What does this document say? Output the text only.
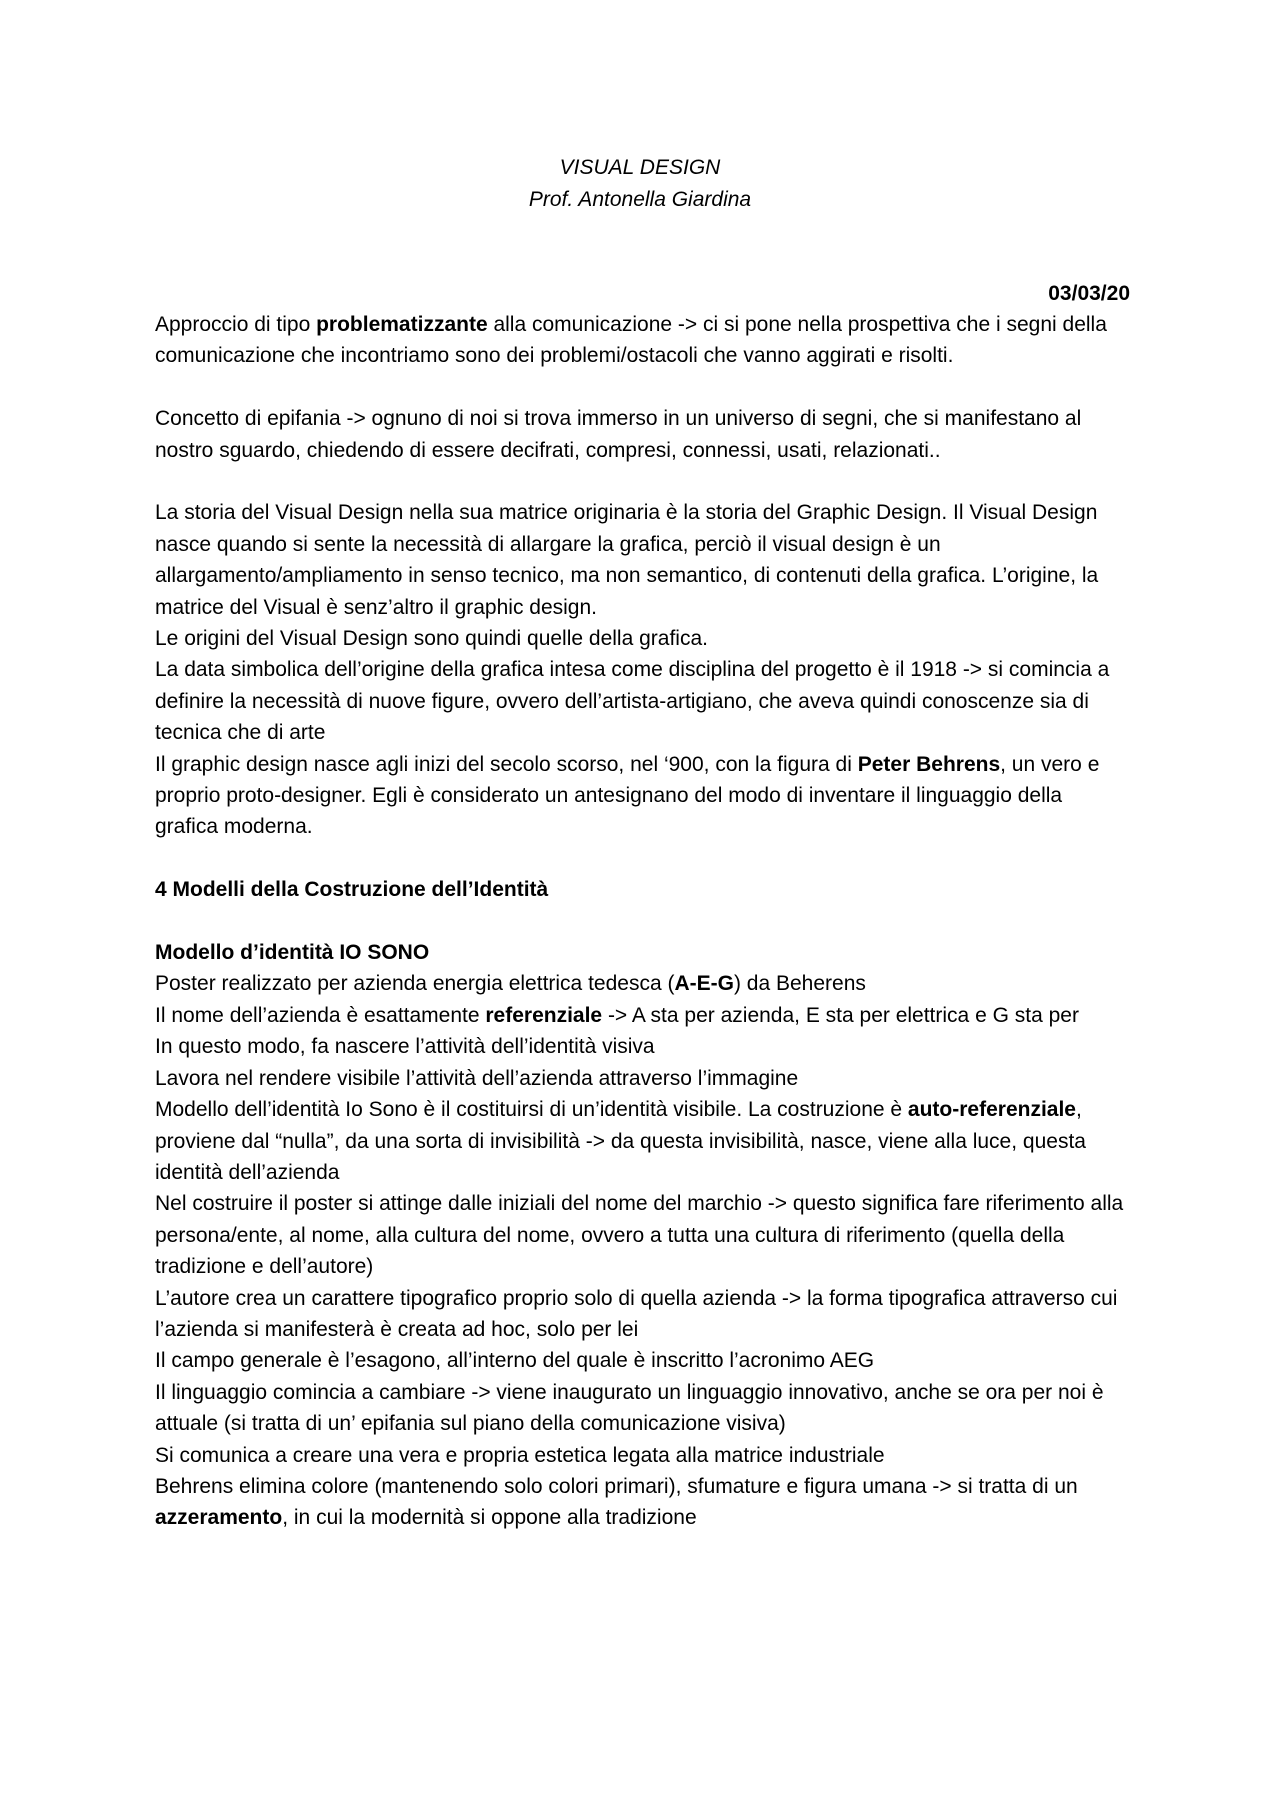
VISUAL DESIGN
Prof. Antonella Giardina
03/03/20

Approccio di tipo problematizzante alla comunicazione -> ci si pone nella prospettiva che i segni della comunicazione che incontriamo sono dei problemi/ostacoli che vanno aggirati e risolti.

Concetto di epifania -> ognuno di noi si trova immerso in un universo di segni, che si manifestano al nostro sguardo, chiedendo di essere decifrati, compresi, connessi, usati, relazionati..

La storia del Visual Design nella sua matrice originaria è la storia del Graphic Design. Il Visual Design nasce quando si sente la necessità di allargare la grafica, perciò il visual design è un allargamento/ampliamento in senso tecnico, ma non semantico, di contenuti della grafica. L’origine, la matrice del Visual è senz’altro il graphic design.

Le origini del Visual Design sono quindi quelle della grafica.

La data simbolica dell’origine della grafica intesa come disciplina del progetto è il 1918 -> si comincia a definire la necessità di nuove figure, ovvero dell’artista-artigiano, che aveva quindi conoscenze sia di tecnica che di arte

Il graphic design nasce agli inizi del secolo scorso, nel ‘900, con la figura di Peter Behrens, un vero e proprio proto-designer. Egli è considerato un antesignano del modo di inventare il linguaggio della grafica moderna.

4 Modelli della Costruzione dell’Identità

Modello d’identità IO SONO

Poster realizzato per azienda energia elettrica tedesca (A-E-G) da Beherens

Il nome dell’azienda è esattamente referenziale -> A sta per azienda, E sta per elettrica e G sta per

In questo modo, fa nascere l’attività dell’identità visiva

Lavora nel rendere visibile l’attività dell’azienda attraverso l’immagine

Modello dell’identità Io Sono è il costituirsi di un’identità visibile. La costruzione è auto-referenziale, proviene dal “nulla”, da una sorta di invisibilità -> da questa invisibilità, nasce, viene alla luce, questa identità dell’azienda

Nel costruire il poster si attinge dalle iniziali del nome del marchio -> questo significa fare riferimento alla persona/ente, al nome, alla cultura del nome, ovvero a tutta una cultura di riferimento (quella della tradizione e dell’autore)

L’autore crea un carattere tipografico proprio solo di quella azienda -> la forma tipografica attraverso cui l’azienda si manifesterà è creata ad hoc, solo per lei

Il campo generale è l’esagono, all’interno del quale è inscritto l’acronimo AEG

Il linguaggio comincia a cambiare -> viene inaugurato un linguaggio innovativo, anche se ora per noi è attuale (si tratta di un’ epifania sul piano della comunicazione visiva)

Si comunica a creare una vera e propria estetica legata alla matrice industriale

Behrens elimina colore (mantenendo solo colori primari), sfumature e figura umana -> si tratta di un azzeramento, in cui la modernità si oppone alla tradizione
